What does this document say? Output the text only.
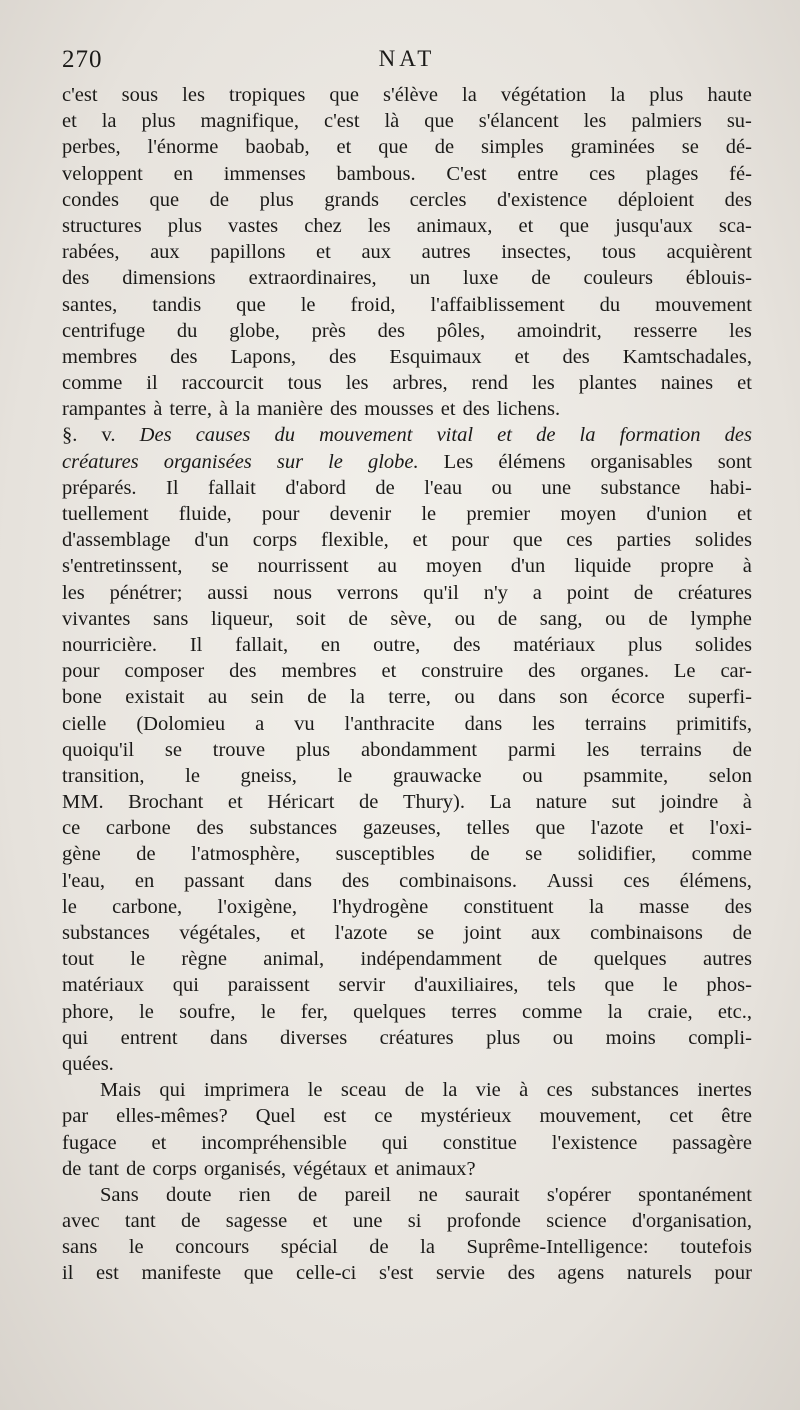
270	NAT
c'est sous les tropiques que s'élève la végétation la plus haute
et la plus magnifique, c'est là que s'élancent les palmiers su-
perbes, l'énorme baobab, et que de simples graminées se dé-
veloppent en immenses bambous. C'est entre ces plages fé-
condes que de plus grands cercles d'existence déploient des
structures plus vastes chez les animaux, et que jusqu'aux sca-
rabées, aux papillons et aux autres insectes, tous acquièrent
des dimensions extraordinaires, un luxe de couleurs éblouis-
santes, tandis que le froid, l'affaiblissement du mouvement
centrifuge du globe, près des pôles, amoindrit, resserre les
membres des Lapons, des Esquimaux et des Kamtschadales,
comme il raccourcit tous les arbres, rend les plantes naines et
rampantes à terre, à la manière des mousses et des lichens.
§. v. Des causes du mouvement vital et de la formation des
créatures organisées sur le globe. Les élémens organisables sont
préparés. Il fallait d'abord de l'eau ou une substance habi-
tuellement fluide, pour devenir le premier moyen d'union et
d'assemblage d'un corps flexible, et pour que ces parties solides
s'entretinssent, se nourrissent au moyen d'un liquide propre à
les pénétrer; aussi nous verrons qu'il n'y a point de créatures
vivantes sans liqueur, soit de sève, ou de sang, ou de lymphe
nourricière. Il fallait, en outre, des matériaux plus solides
pour composer des membres et construire des organes. Le car-
bone existait au sein de la terre, ou dans son écorce superfi-
cielle (Dolomieu a vu l'anthracite dans les terrains primitifs,
quoiqu'il se trouve plus abondamment parmi les terrains de
transition, le gneiss, le grauwacke ou psammite, selon
MM. Brochant et Héricart de Thury). La nature sut joindre à
ce carbone des substances gazeuses, telles que l'azote et l'oxi-
gène de l'atmosphère, susceptibles de se solidifier, comme
l'eau, en passant dans des combinaisons. Aussi ces élémens,
le carbone, l'oxigène, l'hydrogène constituent la masse des
substances végétales, et l'azote se joint aux combinaisons de
tout le règne animal, indépendamment de quelques autres
matériaux qui paraissent servir d'auxiliaires, tels que le phos-
phore, le soufre, le fer, quelques terres comme la craie, etc.,
qui entrent dans diverses créatures plus ou moins compli-
quées.
Mais qui imprimera le sceau de la vie à ces substances inertes
par elles-mêmes? Quel est ce mystérieux mouvement, cet être
fugace et incompréhensible qui constitue l'existence passagère
de tant de corps organisés, végétaux et animaux?
Sans doute rien de pareil ne saurait s'opérer spontanément
avec tant de sagesse et une si profonde science d'organisation,
sans le concours spécial de la Suprême-Intelligence: toutefois
il est manifeste que celle-ci s'est servie des agens naturels pour
